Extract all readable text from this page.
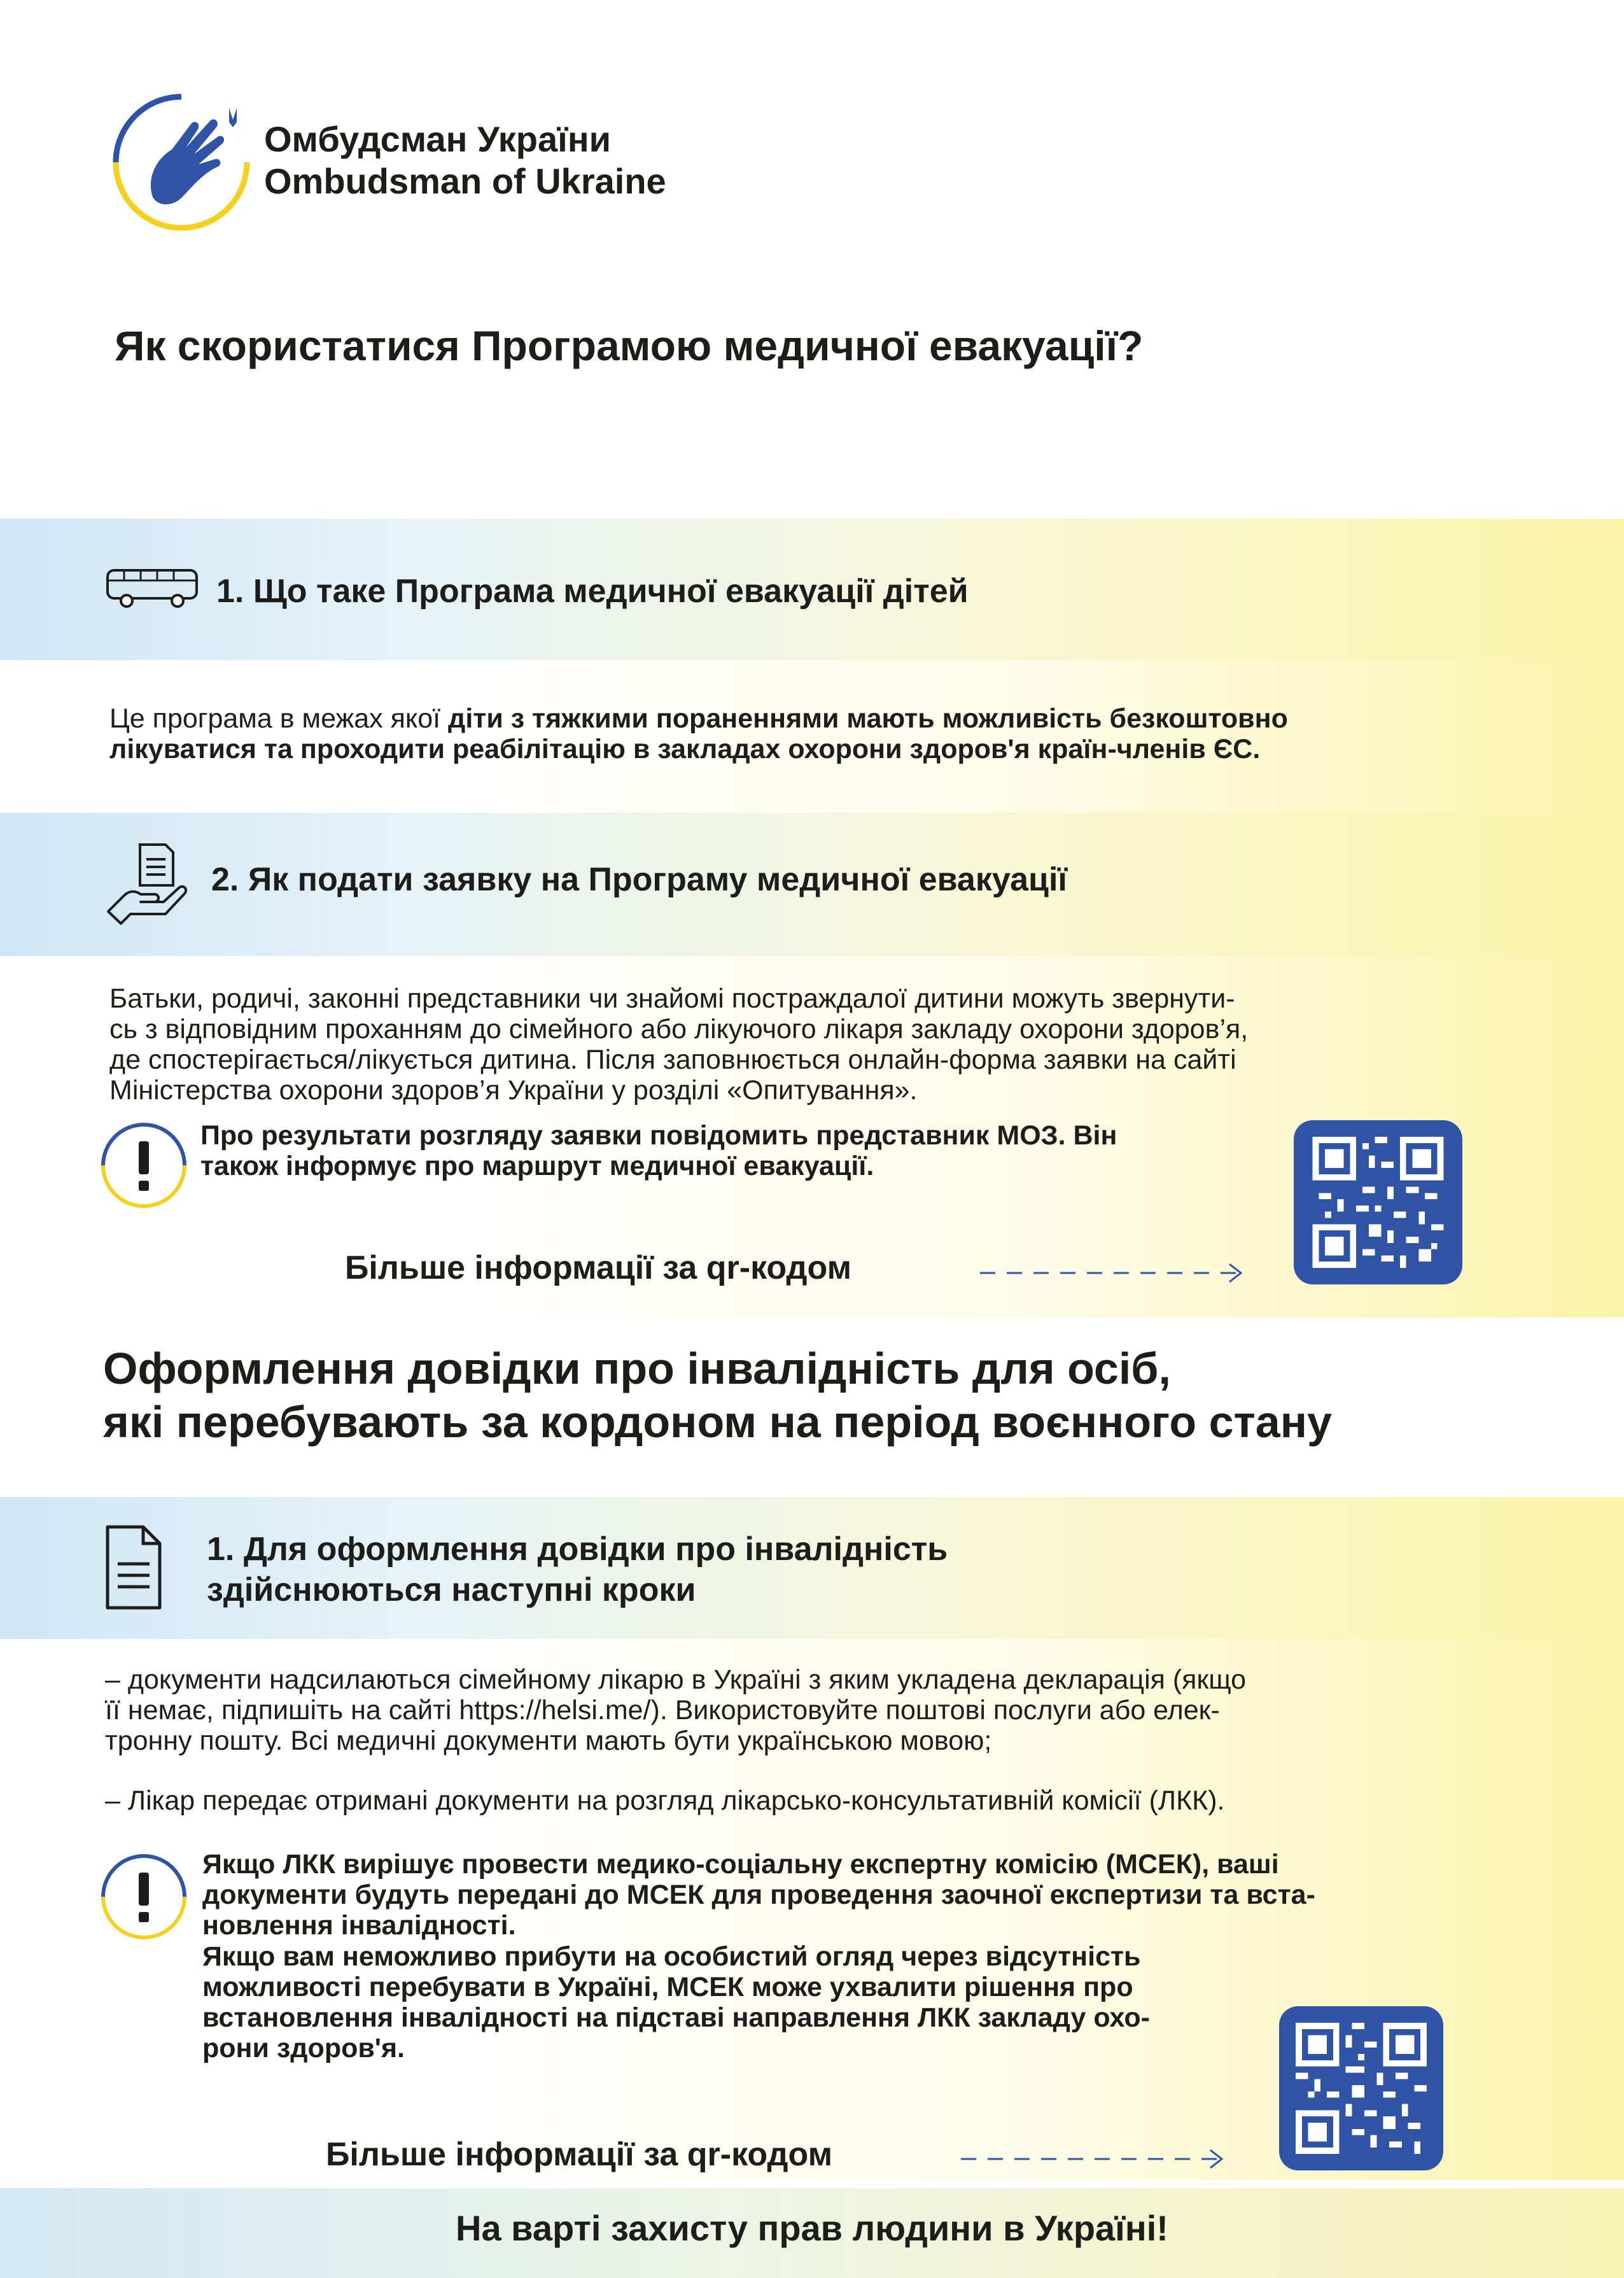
Омбудсман України
Ombudsman of Ukraine
Як скористатися Програмою медичної евакуації?
1. Що таке Програма медичної евакуації дітей
Це програма в межах якої діти з тяжкими пораненнями мають можливість безкоштовно
лікуватися та проходити реабілітацію в закладах охорони здоров'я країн-членів ЄС.
2. Як подати заявку на Програму медичної евакуації
Батьки, родичі, законні представники чи знайомі постраждалої дитини можуть звернути-
сь з відповідним проханням до сімейного або лікуючого лікаря закладу охорони здоров’я,
де спостерігається/лікується дитина. Після заповнюється онлайн-форма заявки на сайті
Міністерства охорони здоров’я України у розділі «Опитування».
Про результати розгляду заявки повідомить представник МОЗ. Він
також інформує про маршрут медичної евакуації.
Більше інформації за qr-кодом
Оформлення довідки про інвалідність для осіб,
які перебувають за кордоном на період воєнного стану
1. Для оформлення довідки про інвалідність
здійснюються наступні кроки
– документи надсилаються сімейному лікарю в Україні з яким укладена декларація (якщо
її немає, підпишіть на сайті https://helsi.me/). Використовуйте поштові послуги або елек-
тронну пошту. Всі медичні документи мають бути українською мовою;
– Лікар передає отримані документи на розгляд лікарсько-консультативній комісії (ЛКК).
Якщо ЛКК вирішує провести медико-соціальну експертну комісію (МСЕК), ваші
документи будуть передані до МСЕК для проведення заочної експертизи та вста-
новлення інвалідності.
Якщо вам неможливо прибути на особистий огляд через відсутність
можливості перебувати в Україні, МСЕК може ухвалити рішення про
встановлення інвалідності на підставі направлення ЛКК закладу охо-
рони здоров'я.
Більше інформації за qr-кодом
На варті захисту прав людини в Україні!
